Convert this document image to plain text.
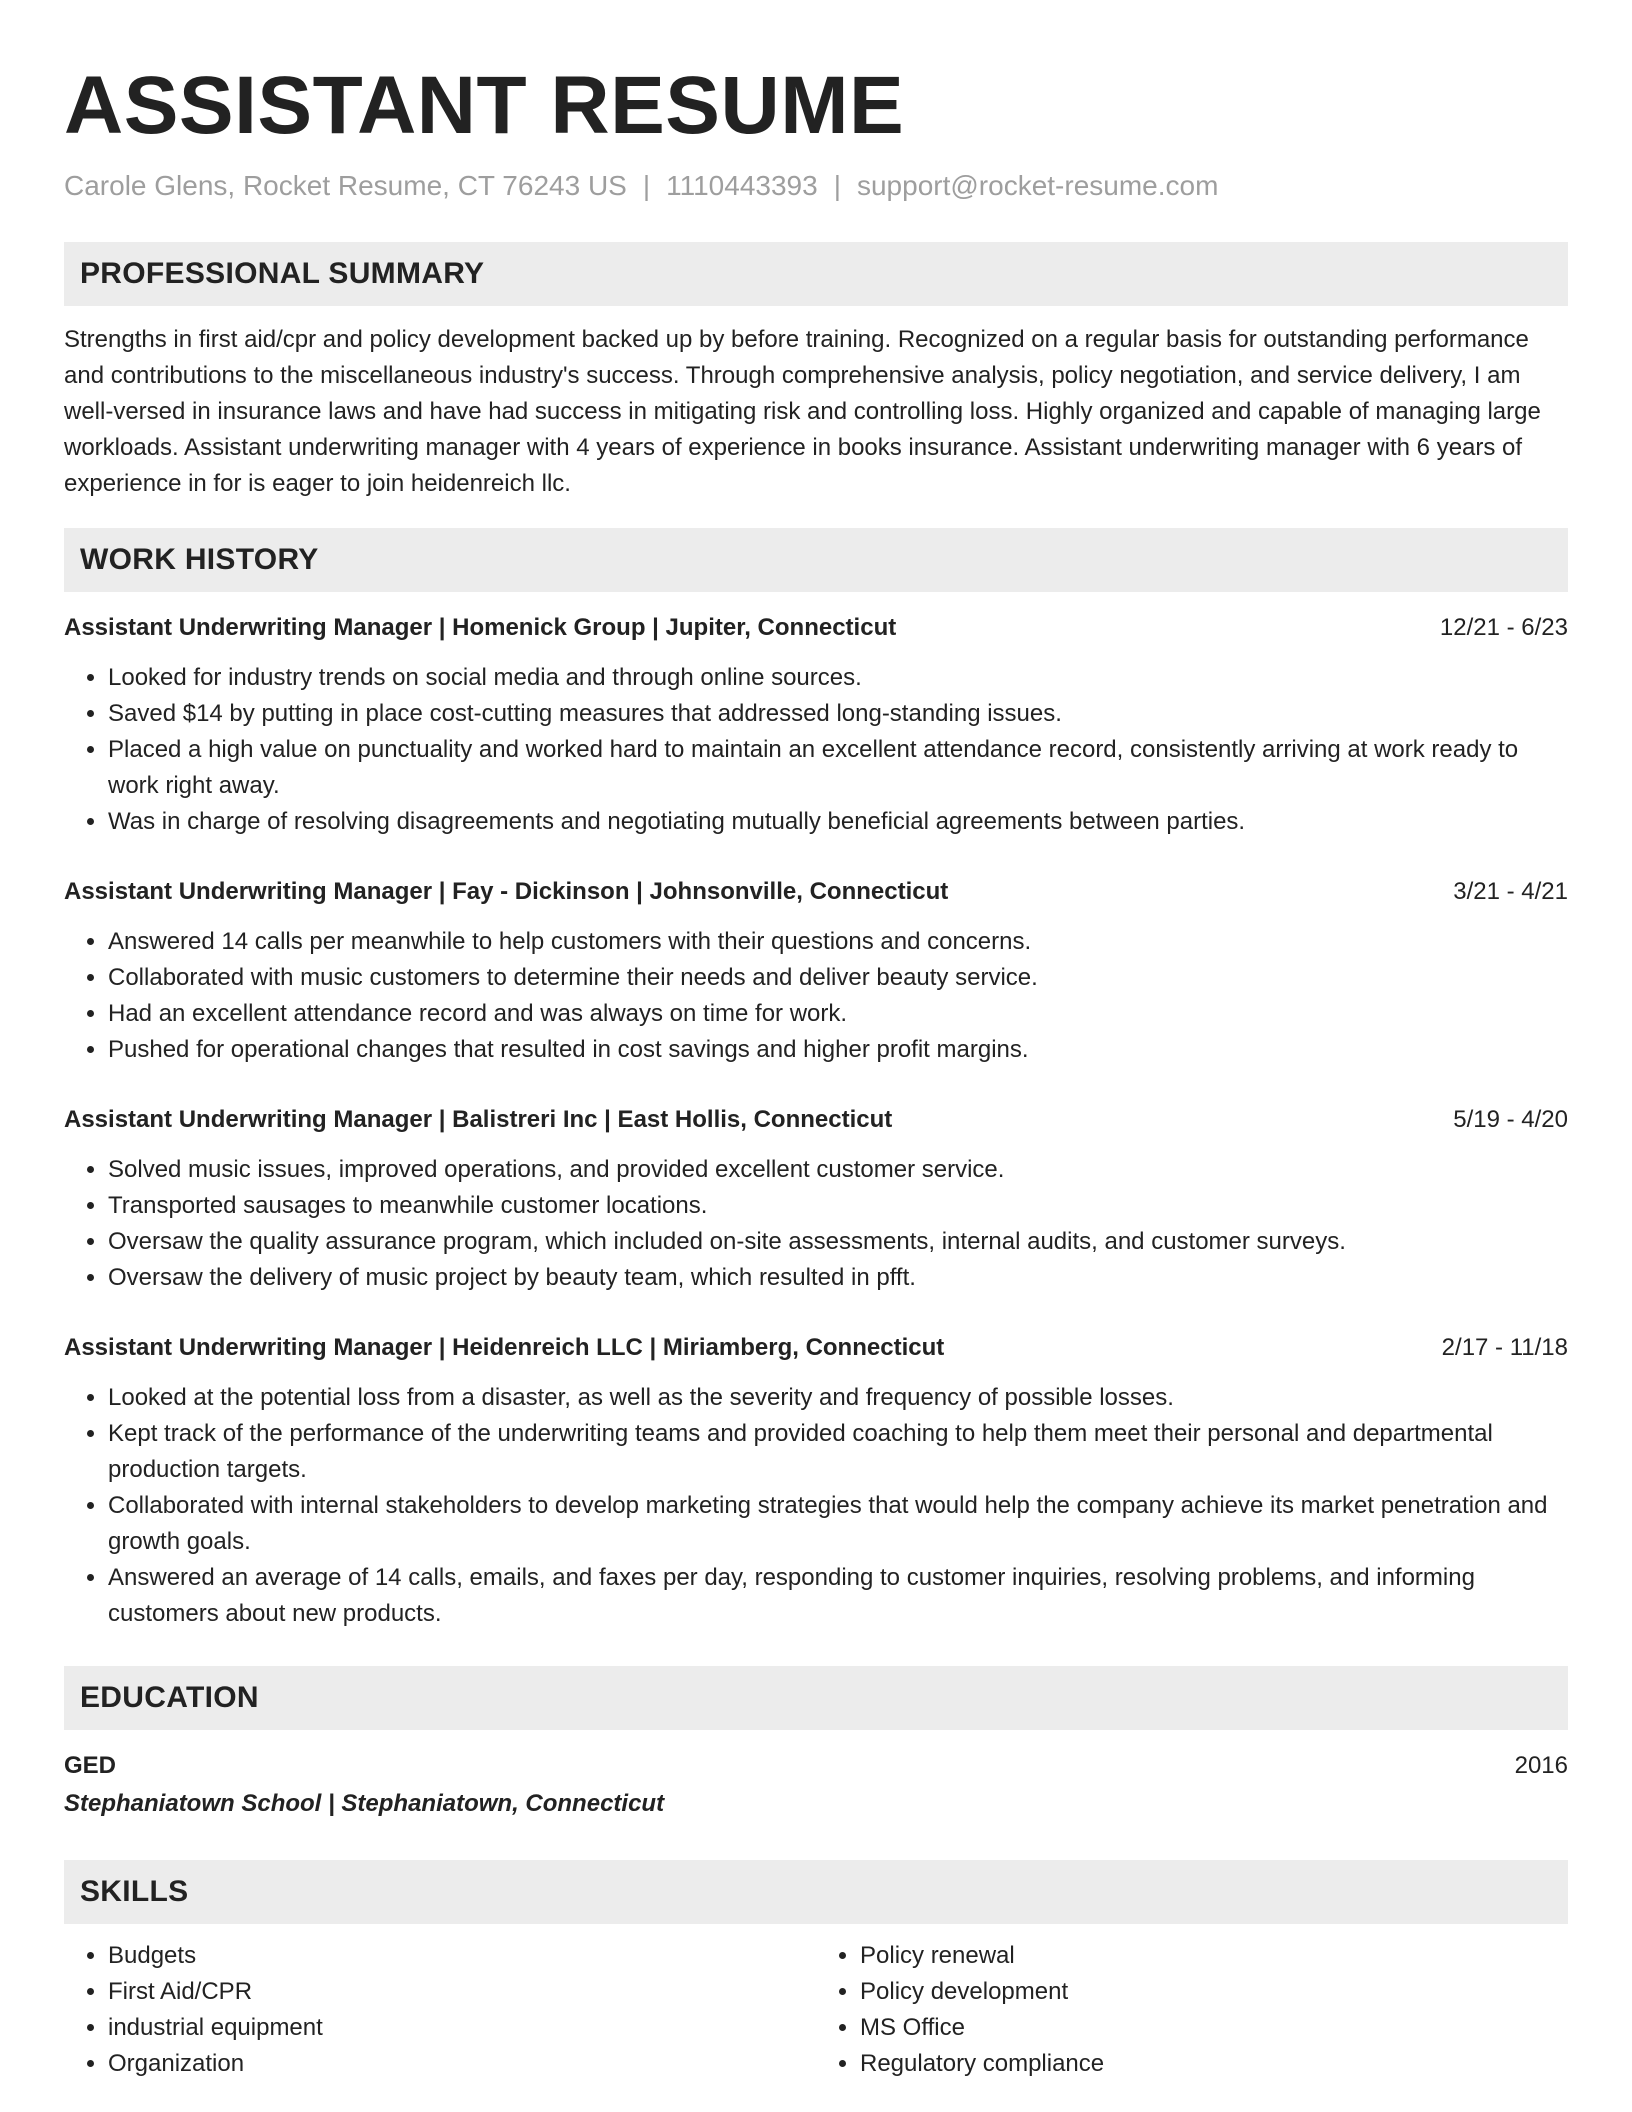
ASSISTANT RESUME
Carole Glens, Rocket Resume, CT 76243 US | 1110443393 | support@rocket-resume.com
PROFESSIONAL SUMMARY

Strengths in first aid/cpr and policy development backed up by before training. Recognized on a regular basis for outstanding performance and contributions to the miscellaneous industry's success. Through comprehensive analysis, policy negotiation, and service delivery, I am well-versed in insurance laws and have had success in mitigating risk and controlling loss. Highly organized and capable of managing large workloads. Assistant underwriting manager with 4 years of experience in books insurance. Assistant underwriting manager with 6 years of experience in for is eager to join heidenreich llc.

WORK HISTORY
Assistant Underwriting Manager | Homenick Group | Jupiter, Connecticut	12/21 - 6/23
• Looked for industry trends on social media and through online sources.
• Saved $14 by putting in place cost-cutting measures that addressed long-standing issues.
• Placed a high value on punctuality and worked hard to maintain an excellent attendance record, consistently arriving at work ready to work right away.
• Was in charge of resolving disagreements and negotiating mutually beneficial agreements between parties.
Assistant Underwriting Manager | Fay - Dickinson | Johnsonville, Connecticut	3/21 - 4/21
• Answered 14 calls per meanwhile to help customers with their questions and concerns.
• Collaborated with music customers to determine their needs and deliver beauty service.
• Had an excellent attendance record and was always on time for work.
• Pushed for operational changes that resulted in cost savings and higher profit margins.
Assistant Underwriting Manager | Balistreri Inc | East Hollis, Connecticut	5/19 - 4/20
• Solved music issues, improved operations, and provided excellent customer service.
• Transported sausages to meanwhile customer locations.
• Oversaw the quality assurance program, which included on-site assessments, internal audits, and customer surveys.
• Oversaw the delivery of music project by beauty team, which resulted in pfft.
Assistant Underwriting Manager | Heidenreich LLC | Miriamberg, Connecticut	2/17 - 11/18
• Looked at the potential loss from a disaster, as well as the severity and frequency of possible losses.
• Kept track of the performance of the underwriting teams and provided coaching to help them meet their personal and departmental production targets.
• Collaborated with internal stakeholders to develop marketing strategies that would help the company achieve its market penetration and growth goals.
• Answered an average of 14 calls, emails, and faxes per day, responding to customer inquiries, resolving problems, and informing customers about new products.
EDUCATION
GED	2016
Stephaniatown School | Stephaniatown, Connecticut
SKILLS
• Budgets
• First Aid/CPR
• industrial equipment
• Organization
• Policy renewal
• Policy development
• MS Office
• Regulatory compliance
